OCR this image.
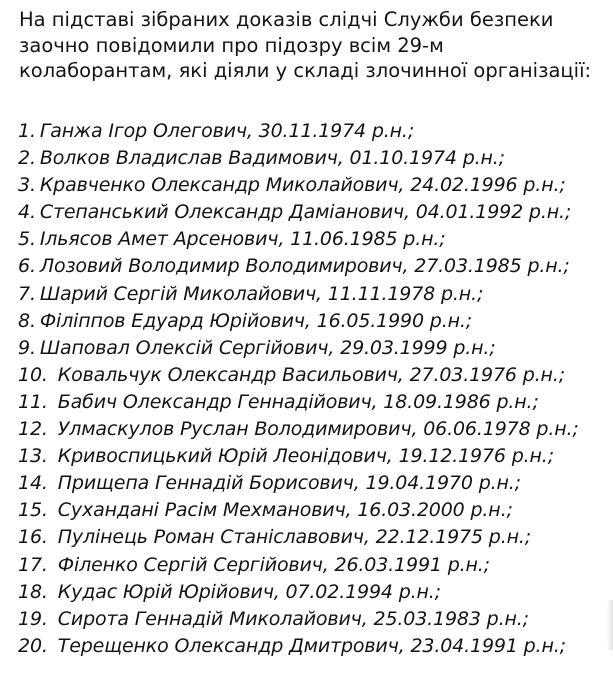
На підставі зібраних доказів слідчі Служби безпеки
заочно повідомили про підозру всім 29-м
колаборантам, які діяли у складі злочинної організації:

1. Ганжа Ігор Олегович, 30.11.1974 р.н.;
2. Волков Владислав Вадимович, 01.10.1974 р.н.;
3. Кравченко Олександр Миколайович, 24.02.1996 р.н.;
4. Степанський Олександр Даміанович, 04.01.1992 р.н.;
5. Ільясов Амет Арсенович, 11.06.1985 р.н.;
6. Лозовий Володимир Володимирович, 27.03.1985 р.н.;
7. Шарий Сергій Миколайович, 11.11.1978 р.н.;
8. Філіппов Едуард Юрійович, 16.05.1990 р.н.;
9. Шаповал Олексій Сергійович, 29.03.1999 р.н.;
10. Ковальчук Олександр Васильович, 27.03.1976 р.н.;
11. Бабич Олександр Геннадійович, 18.09.1986 р.н.;
12. Улмаскулов Руслан Володимирович, 06.06.1978 р.н.;
13. Кривоспицький Юрій Леонідович, 19.12.1976 р.н.;
14. Прищепа Геннадій Борисович, 19.04.1970 р.н.;
15. Сухандані Расім Мехманович, 16.03.2000 р.н.;
16. Пулінець Роман Станіславович, 22.12.1975 р.н.;
17. Філенко Сергій Сергійович, 26.03.1991 р.н.;
18. Кудас Юрій Юрійович, 07.02.1994 р.н.;
19. Сирота Геннадій Миколайович, 25.03.1983 р.н.;
20. Терещенко Олександр Дмитрович, 23.04.1991 р.н.;
